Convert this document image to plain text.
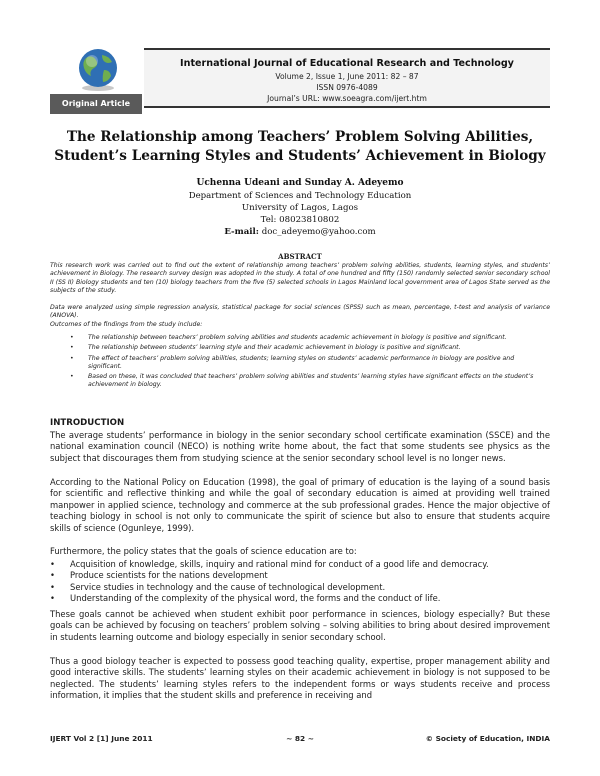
Original Article
International Journal of Educational Research and Technology
Volume 2, Issue 1, June 2011: 82 – 87
ISSN 0976-4089
Journal’s URL: www.soeagra.com/ijert.htm
The Relationship among Teachers’ Problem Solving Abilities,
Student’s Learning Styles and Students’ Achievement in Biology
Uchenna Udeani and Sunday A. Adeyemo
Department of Sciences and Technology Education
University of Lagos, Lagos
Tel: 08023810802
E-mail: doc_adeyemo@yahoo.com
ABSTRACT
This research work was carried out to find out the extent of relationship among teachers’ problem solving abilities, students, learning styles, and students’ achievement in Biology. The research survey design was adopted in the study. A total of one hundred and fifty (150) randomly selected senior secondary school II (SS II) Biology students and ten (10) biology teachers from the five (5) selected schools in Lagos Mainland local government area of Lagos State served as the subjects of the study.
Data were analyzed using simple regression analysis, statistical package for social sciences (SPSS) such as mean, percentage, t-test and analysis of variance (ANOVA).
Outcomes of the findings from the study include:
• The relationship between teachers’ problem solving abilities and students academic achievement in biology is positive and significant.
• The relationship between students’ learning style and their academic achievement in biology is positive and significant.
• The effect of teachers’ problem solving abilities, students; learning styles on students’ academic performance in biology are positive and significant.
• Based on these, it was concluded that teachers’ problem solving abilities and students’ learning styles have significant effects on the student’s achievement in biology.
INTRODUCTION
The average students’ performance in biology in the senior secondary school certificate examination (SSCE) and the national examination council (NECO) is nothing write home about, the fact that some students see physics as the subject that discourages them from studying science at the senior secondary school level is no longer news.
According to the National Policy on Education (1998), the goal of primary of education is the laying of a sound basis for scientific and reflective thinking and while the goal of secondary education is aimed at providing well trained manpower in applied science, technology and commerce at the sub professional grades. Hence the major objective of teaching biology in school is not only to communicate the spirit of science but also to ensure that students acquire skills of science (Ogunleye, 1999).
Furthermore, the policy states that the goals of science education are to:
• Acquisition of knowledge, skills, inquiry and rational mind for conduct of a good life and democracy.
• Produce scientists for the nations development
• Service studies in technology and the cause of technological development.
• Understanding of the complexity of the physical word, the forms and the conduct of life.
These goals cannot be achieved when student exhibit poor performance in sciences, biology especially? But these goals can be achieved by focusing on teachers’ problem solving – solving abilities to bring about desired improvement in students learning outcome and biology especially in senior secondary school.
Thus a good biology teacher is expected to possess good teaching quality, expertise, proper management ability and good interactive skills. The students’ learning styles on their academic achievement in biology is not supposed to be neglected. The students’ learning styles refers to the independent forms or ways students receive and process information, it implies that the student skills and preference in receiving and
IJERT Vol 2 [1] June 2011	~ 82 ~	© Society of Education, INDIA
